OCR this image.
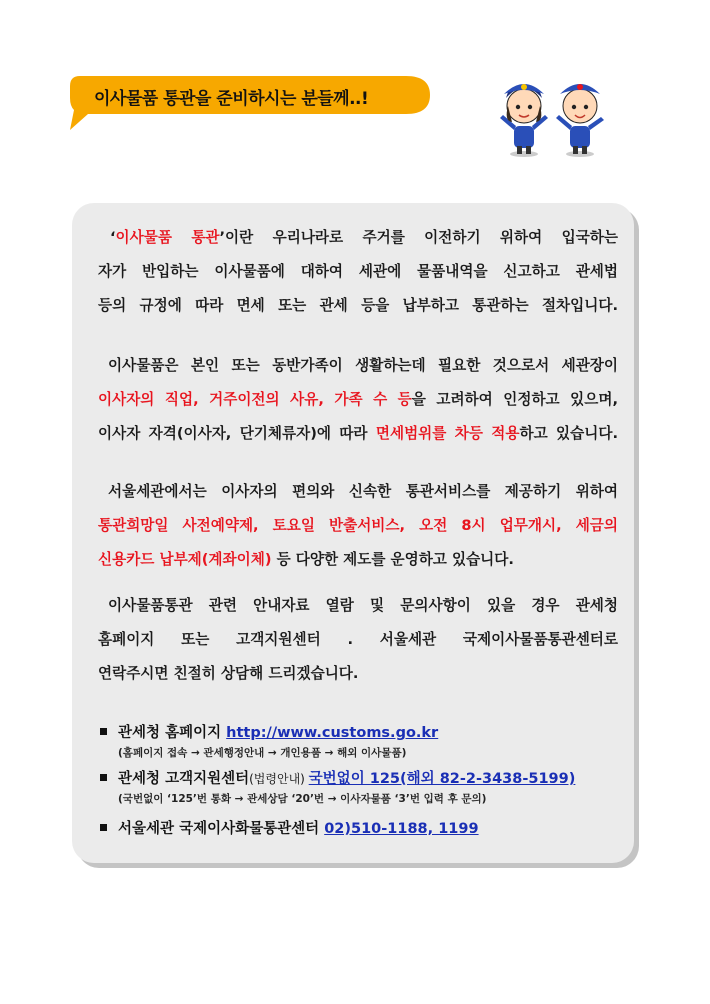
이사물품 통관을 준비하시는 분들께..!
‘이사물품 통관’이란 우리나라로 주거를 이전하기 위하여 입국하는
자가 반입하는 이사물품에 대하여 세관에 물품내역을 신고하고 관세법
등의 규정에 따라 면세 또는 관세 등을 납부하고 통관하는 절차입니다.
이사물품은 본인 또는 동반가족이 생활하는데 필요한 것으로서 세관장이
이사자의 직업, 거주이전의 사유, 가족 수 등을 고려하여 인정하고 있으며,
이사자 자격(이사자, 단기체류자)에 따라 면세범위를 차등 적용하고 있습니다.
서울세관에서는 이사자의 편의와 신속한 통관서비스를 제공하기 위하여
통관희망일 사전예약제, 토요일 반출서비스, 오전 8시 업무개시, 세금의
신용카드 납부제(계좌이체) 등 다양한 제도를 운영하고 있습니다.
이사물품통관 관련 안내자료 열람 및 문의사항이 있을 경우 관세청
홈페이지 또는 고객지원센터 . 서울세관 국제이사물품통관센터로
연락주시면 친절히 상담해 드리겠습니다.
관세청 홈페이지 http://www.customs.go.kr
(홈페이지 접속 → 관세행정안내 → 개인용품 → 해외 이사물품)
관세청 고객지원센터(법령안내) 국번없이 125(해외 82-2-3438-5199)
(국번없이 ‘125’번 통화 → 관세상담 ‘20’번 → 이사자물품 ‘3’번 입력 후 문의)
서울세관 국제이사화물통관센터 02)510-1188, 1199
